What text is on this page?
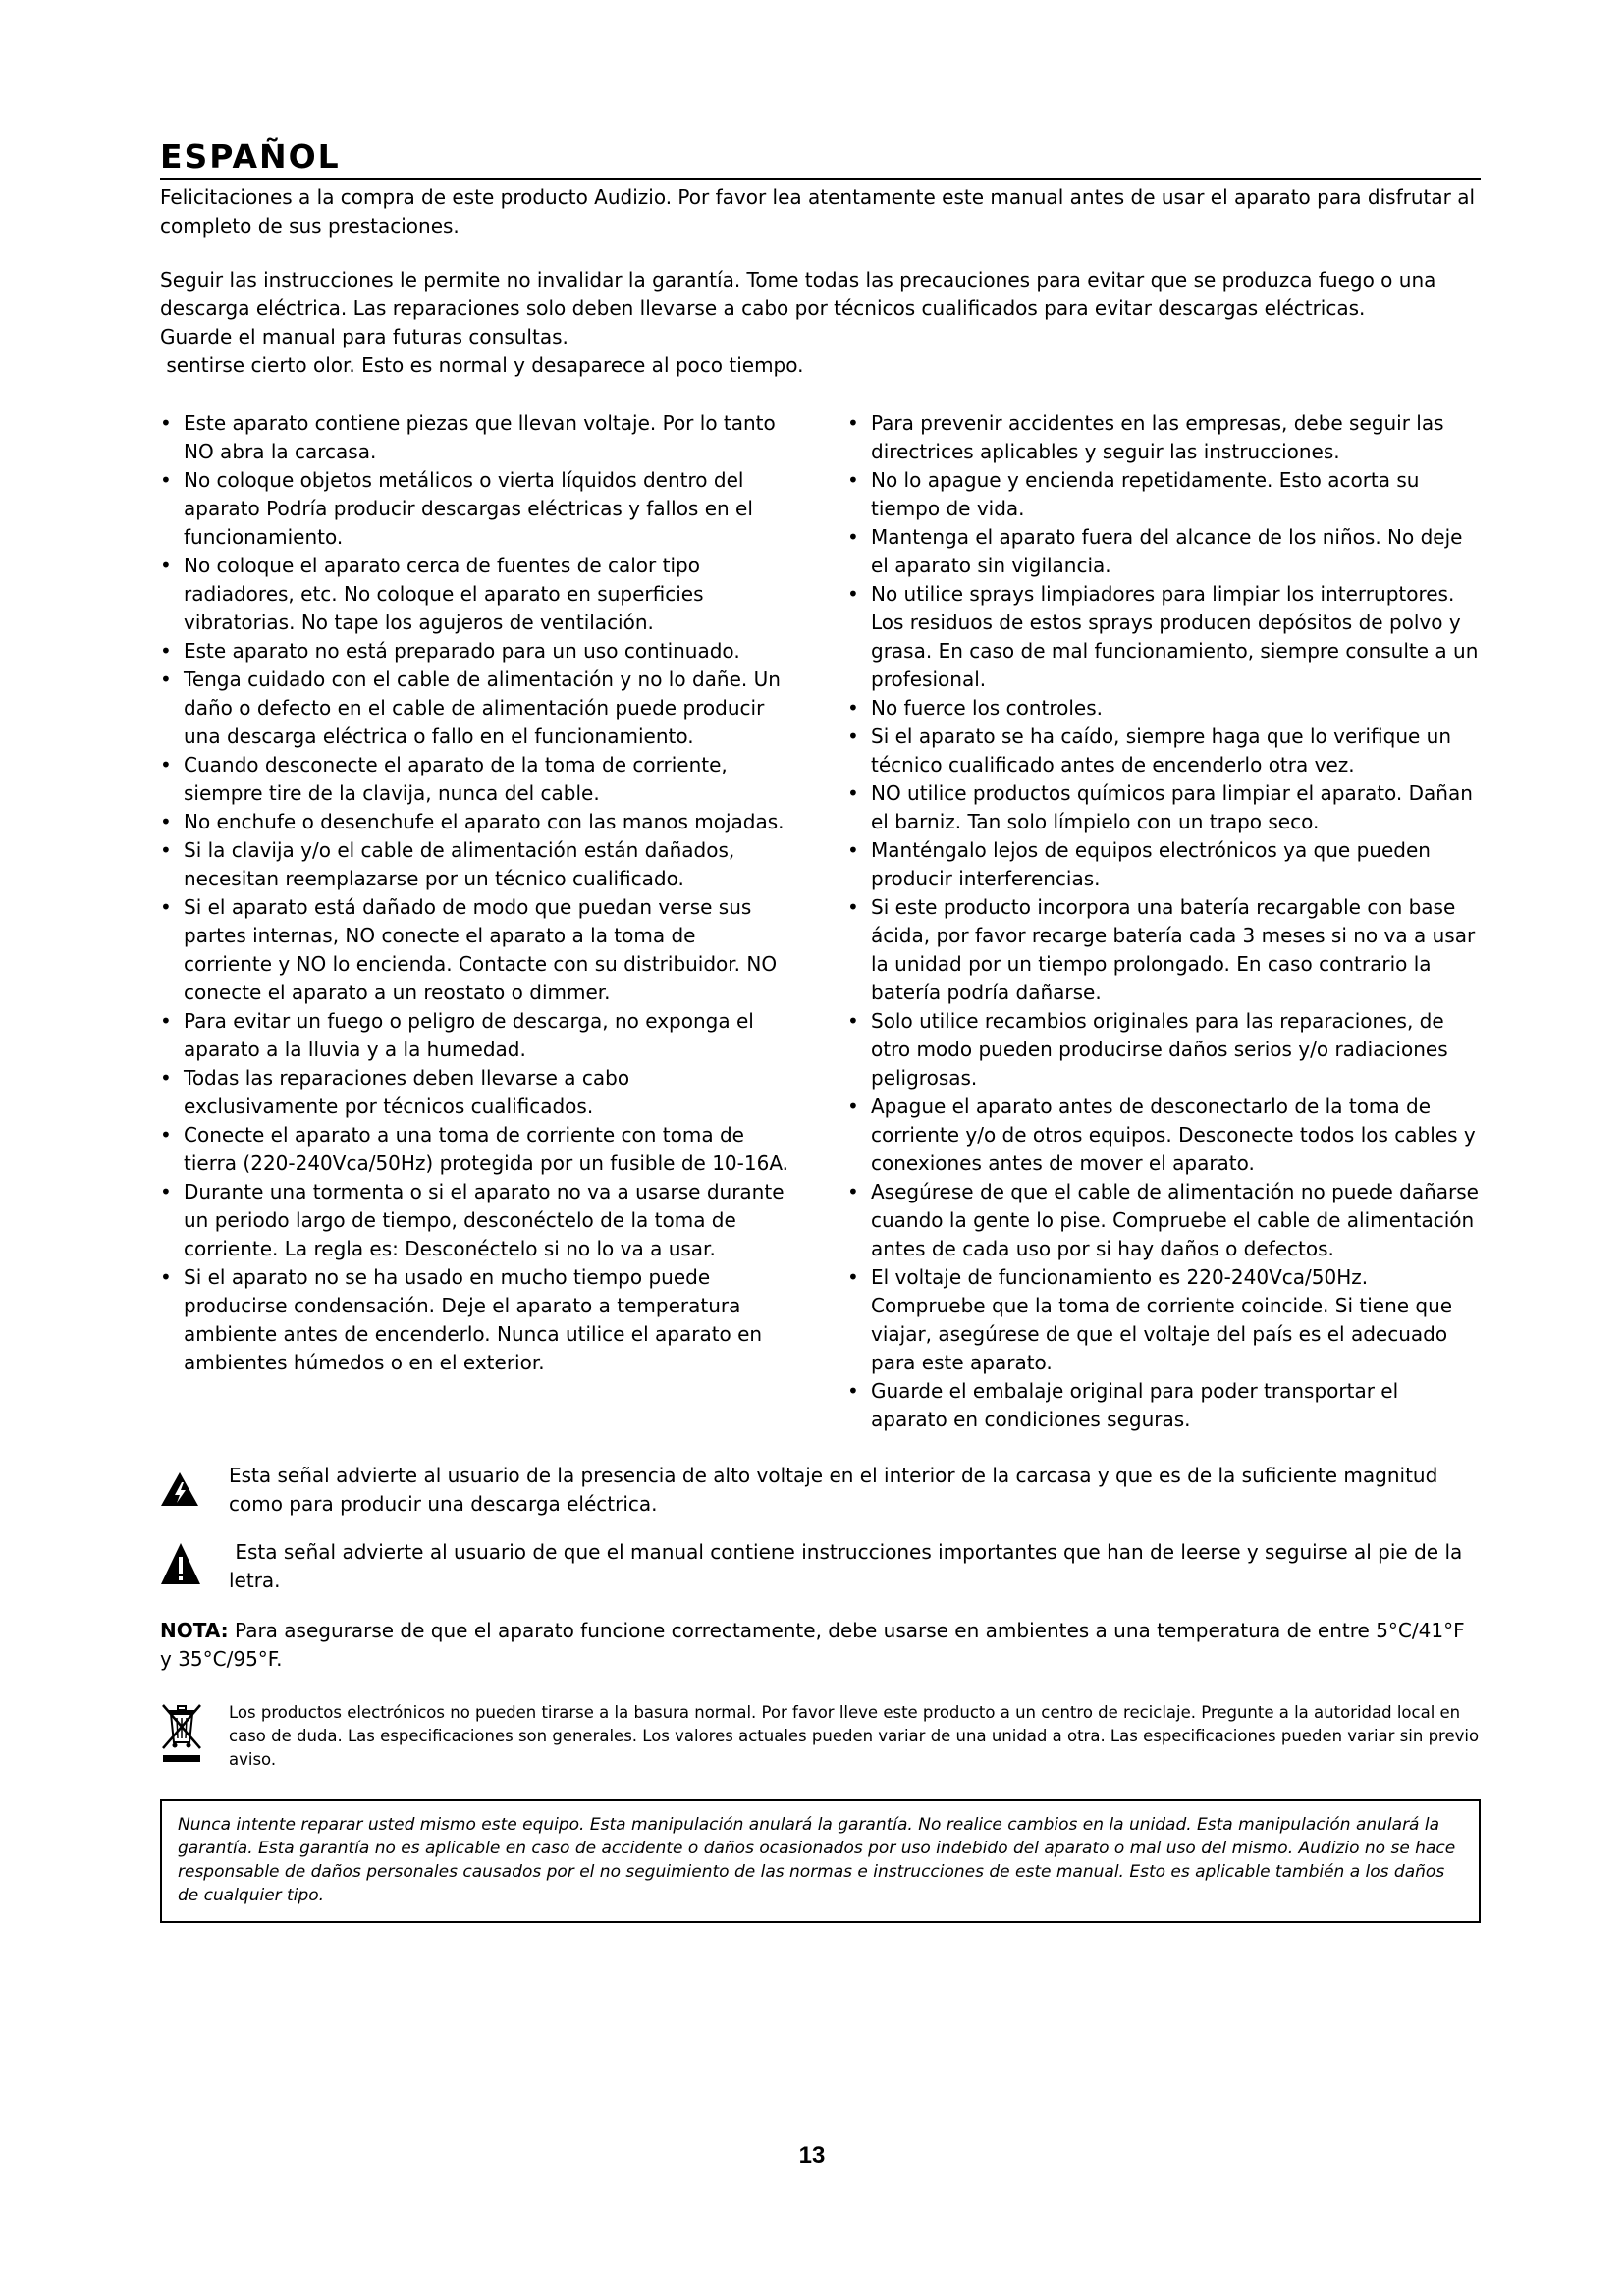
ESPAÑOL

Felicitaciones a la compra de este producto Audizio. Por favor lea atentamente este manual antes de usar el aparato para disfrutar al completo de sus prestaciones.

Seguir las instrucciones le permite no invalidar la garantía. Tome todas las precauciones para evitar que se produzca fuego o una descarga eléctrica. Las reparaciones solo deben llevarse a cabo por técnicos cualificados para evitar descargas eléctricas.

Guarde el manual para futuras consultas.

sentirse cierto olor. Esto es normal y desaparece al poco tiempo.

• Este aparato contiene piezas que llevan voltaje. Por lo tanto NO abra la carcasa.
• No coloque objetos metálicos o vierta líquidos dentro del aparato Podría producir descargas eléctricas y fallos en el funcionamiento.
• No coloque el aparato cerca de fuentes de calor tipo radiadores, etc. No coloque el aparato en superficies vibratorias. No tape los agujeros de ventilación.
• Este aparato no está preparado para un uso continuado.
• Tenga cuidado con el cable de alimentación y no lo dañe. Un daño o defecto en el cable de alimentación puede producir una descarga eléctrica o fallo en el funcionamiento.
• Cuando desconecte el aparato de la toma de corriente, siempre tire de la clavija, nunca del cable.
• No enchufe o desenchufe el aparato con las manos mojadas.
• Si la clavija y/o el cable de alimentación están dañados, necesitan reemplazarse por un técnico cualificado.
• Si el aparato está dañado de modo que puedan verse sus partes internas, NO conecte el aparato a la toma de corriente y NO lo encienda. Contacte con su distribuidor. NO conecte el aparato a un reostato o dimmer.
• Para evitar un fuego o peligro de descarga, no exponga el aparato a la lluvia y a la humedad.
• Todas las reparaciones deben llevarse a cabo exclusivamente por técnicos cualificados.
• Conecte el aparato a una toma de corriente con toma de tierra (220-240Vca/50Hz) protegida por un fusible de 10-16A.
• Durante una tormenta o si el aparato no va a usarse durante un periodo largo de tiempo, desconéctelo de la toma de corriente. La regla es: Desconéctelo si no lo va a usar.
• Si el aparato no se ha usado en mucho tiempo puede producirse condensación. Deje el aparato a temperatura ambiente antes de encenderlo. Nunca utilice el aparato en ambientes húmedos o en el exterior.
• Para prevenir accidentes en las empresas, debe seguir las directrices aplicables y seguir las instrucciones.
• No lo apague y encienda repetidamente. Esto acorta su tiempo de vida.
• Mantenga el aparato fuera del alcance de los niños. No deje el aparato sin vigilancia.
• No utilice sprays limpiadores para limpiar los interruptores. Los residuos de estos sprays producen depósitos de polvo y grasa. En caso de mal funcionamiento, siempre consulte a un profesional.
• No fuerce los controles.
• Si el aparato se ha caído, siempre haga que lo verifique un técnico cualificado antes de encenderlo otra vez.
• NO utilice productos químicos para limpiar el aparato. Dañan el barniz. Tan solo límpielo con un trapo seco.
• Manténgalo lejos de equipos electrónicos ya que pueden producir interferencias.
• Si este producto incorpora una batería recargable con base ácida, por favor recarge batería cada 3 meses si no va a usar la unidad por un tiempo prolongado. En caso contrario la batería podría dañarse.
• Solo utilice recambios originales para las reparaciones, de otro modo pueden producirse daños serios y/o radiaciones peligrosas.
• Apague el aparato antes de desconectarlo de la toma de corriente y/o de otros equipos. Desconecte todos los cables y conexiones antes de mover el aparato.
• Asegúrese de que el cable de alimentación no puede dañarse cuando la gente lo pise. Compruebe el cable de alimentación antes de cada uso por si hay daños o defectos.
• El voltaje de funcionamiento es 220-240Vca/50Hz. Compruebe que la toma de corriente coincide. Si tiene que viajar, asegúrese de que el voltaje del país es el adecuado para este aparato.
• Guarde el embalaje original para poder transportar el aparato en condiciones seguras.
Esta señal advierte al usuario de la presencia de alto voltaje en el interior de la carcasa y que es de la suficiente magnitud como para producir una descarga eléctrica.
Esta señal advierte al usuario de que el manual contiene instrucciones importantes que han de leerse y seguirse al pie de la letra.
NOTA: Para asegurarse de que el aparato funcione correctamente, debe usarse en ambientes a una temperatura de entre 5°C/41°F y 35°C/95°F.
Los productos electrónicos no pueden tirarse a la basura normal. Por favor lleve este producto a un centro de reciclaje. Pregunte a la autoridad local en caso de duda. Las especificaciones son generales. Los valores actuales pueden variar de una unidad a otra. Las especificaciones pueden variar sin previo aviso.
Nunca intente reparar usted mismo este equipo. Esta manipulación anulará la garantía. No realice cambios en la unidad. Esta manipulación anulará la garantía. Esta garantía no es aplicable en caso de accidente o daños ocasionados por uso indebido del aparato o mal uso del mismo. Audizio no se hace responsable de daños personales causados por el no seguimiento de las normas e instrucciones de este manual. Esto es aplicable también a los daños de cualquier tipo.
13
